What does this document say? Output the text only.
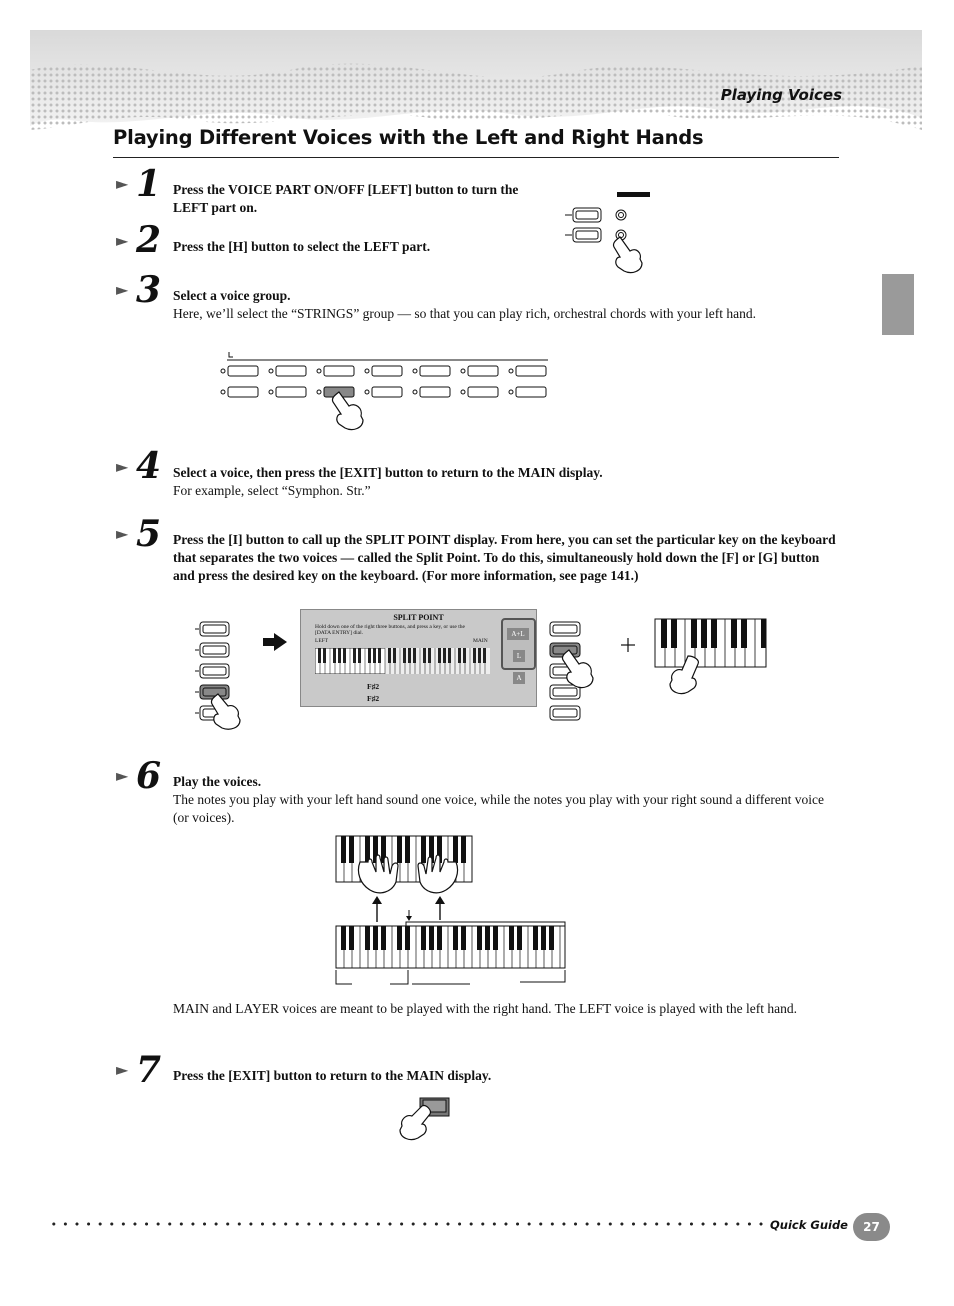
Playing Voices
Playing Different Voices with the Left and Right Hands
► 1 Press the VOICE PART ON/OFF [LEFT] button to turn the LEFT part on.
► 2 Press the [H] button to select the LEFT part.
► 3 Select a voice group.
Here, we’ll select the “STRINGS” group — so that you can play rich, orchestral chords with your left hand.
► 4 Select a voice, then press the [EXIT] button to return to the MAIN display.
For example, select “Symphon. Str.”
► 5 Press the [I] button to call up the SPLIT POINT display. From here, you can set the particular key on the keyboard that separates the two voices — called the Split Point. To do this, simultaneously hold down the [F] or [G] button and press the desired key on the keyboard. (For more information, see page 141.)
SPLIT POINT
Hold down one of the right three buttons, and press a key, or use the [DATA ENTRY] dial.
LEFT	MAIN
F♯2
F♯2
A+L
L
A
► 6 Play the voices.
The notes you play with your left hand sound one voice, while the notes you play with your right sound a different voice (or voices).
MAIN and LAYER voices are meant to be played with the right hand. The LEFT voice is played with the left hand.
► 7 Press the [EXIT] button to return to the MAIN display.
Quick Guide	27
